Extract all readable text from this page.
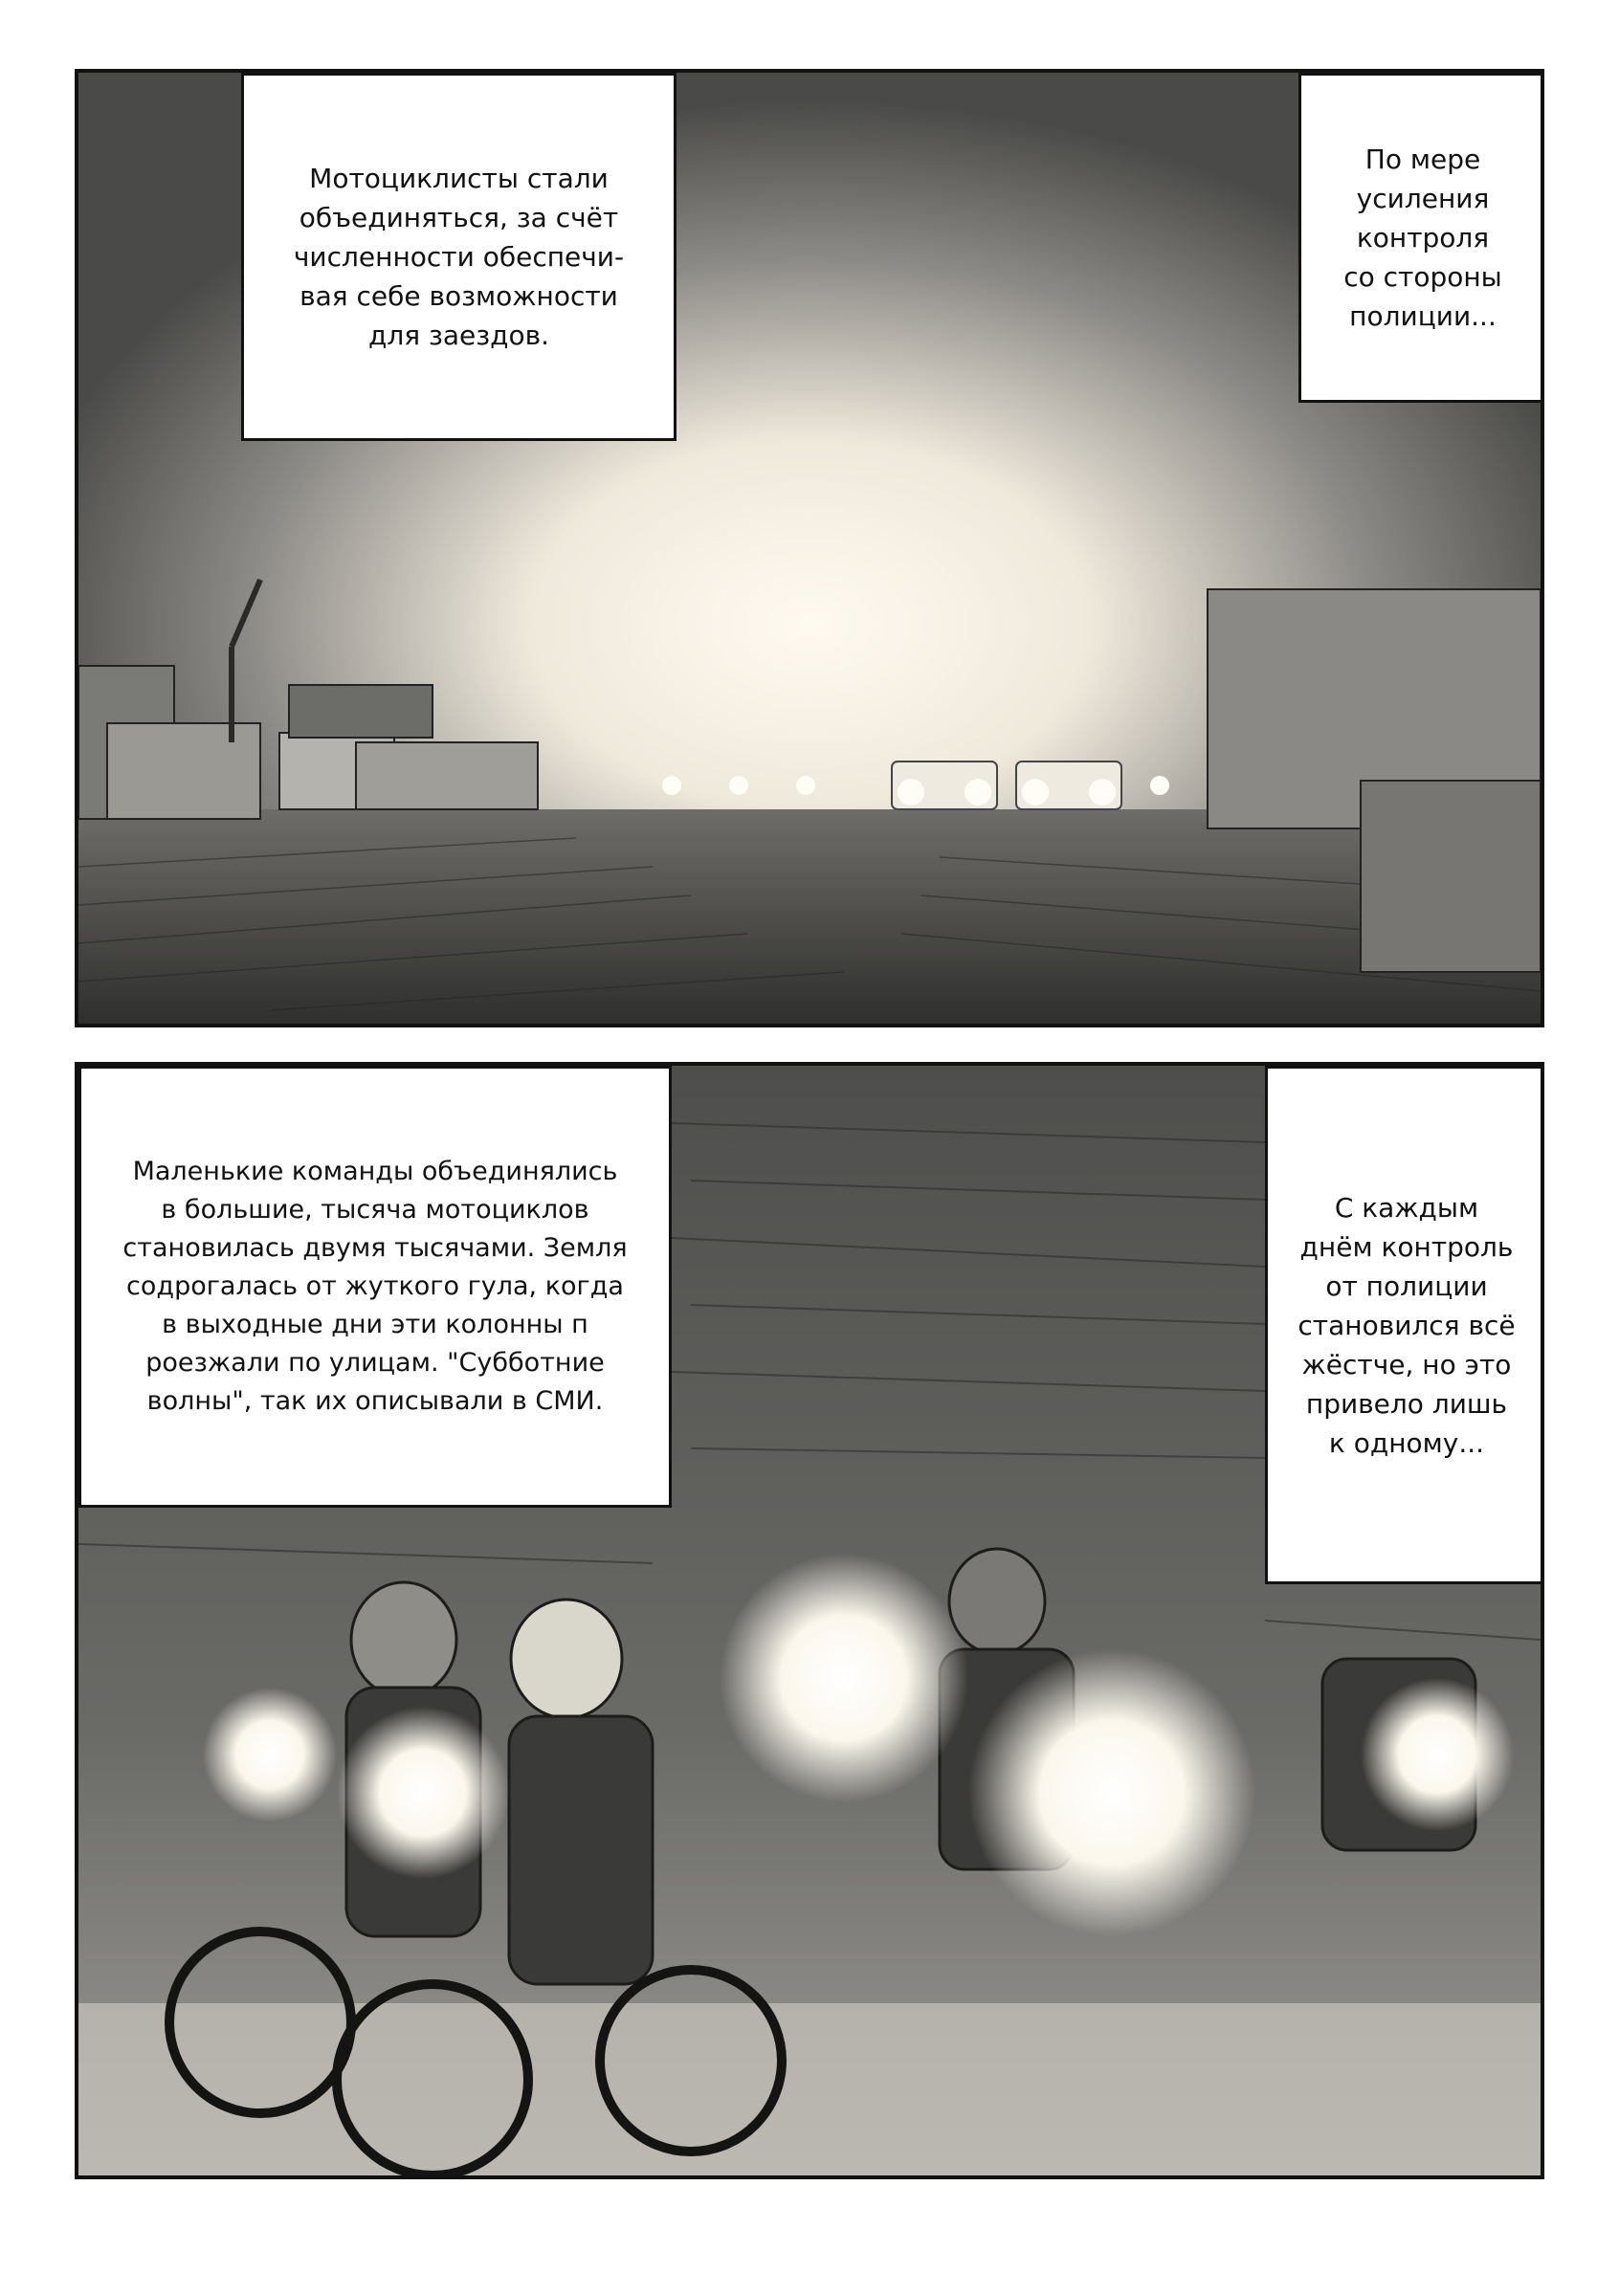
Мотоциклисты стали
объединяться, за счёт
численности обеспечи-
вая себе возможности
для заездов.
По мере
усиления
контроля
со стороны
полиции...
Маленькие команды объединялись
в большие, тысяча мотоциклов
становилась двумя тысячами. Земля
содрогалась от жуткого гула, когда
в выходные дни эти колонны п
роезжали по улицам. "Субботние
волны", так их описывали в СМИ.
С каждым
днём контроль
от полиции
становился всё
жёстче, но это
привело лишь
к одному...
